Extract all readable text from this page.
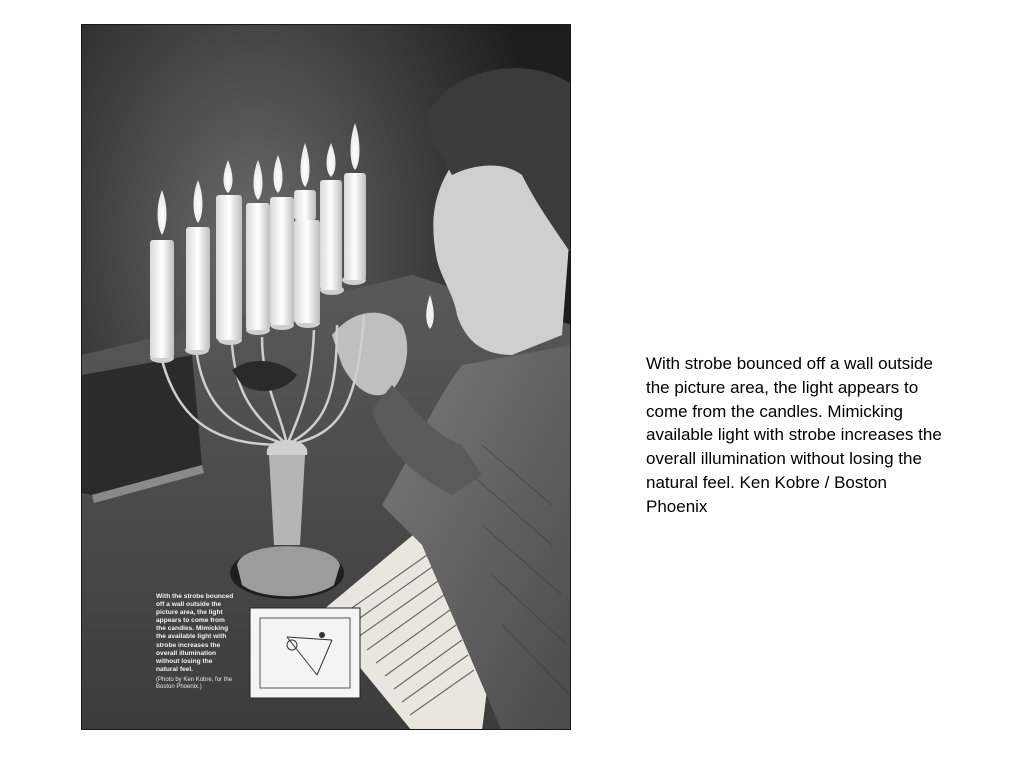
With the strobe bounced off a wall outside the picture area, the light appears to come from the candles. Mimicking the available light with strobe increases the overall illumination without losing the natural feel.
(Photo by Ken Kobre, for the Boston Phoenix.)
With strobe bounced off a wall outside the picture area, the light appears to come from the candles. Mimicking available light with strobe increases the overall illumination without losing the natural feel. Ken Kobre / Boston Phoenix
